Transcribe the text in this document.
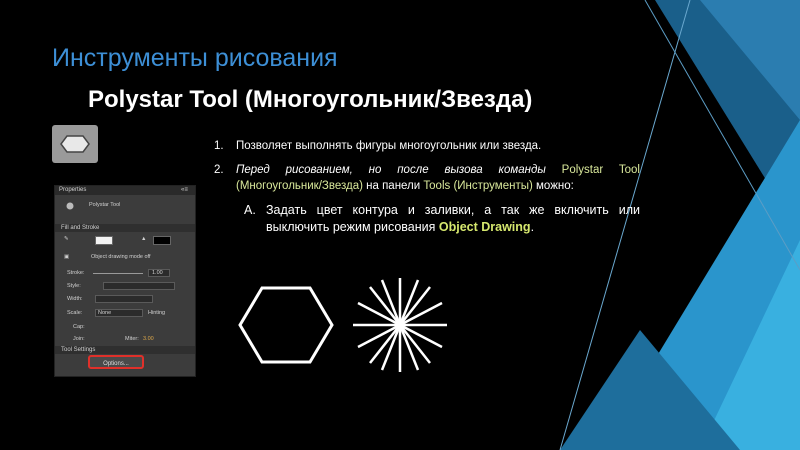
Инструменты рисования
Polystar Tool (Многоугольник/Звезда)
1. Позволяет выполнять фигуры многоугольник или звезда.
2. Перед рисованием, но после вызова команды Polystar Tool (Многоугольник/Звезда) на панели Tools (Инструменты) можно:
A. Задать цвет контура и заливки, а так же включить или выключить режим рисования Object Drawing.
Properties	«≡
Polystar Tool
Fill and Stroke
✎	▲
▣	Object drawing mode off
Stroke:	1.00
Style:
Width:
Scale:	None	Hinting
Cap:
Join:	Miter: 3.00
Tool Settings
Options...
